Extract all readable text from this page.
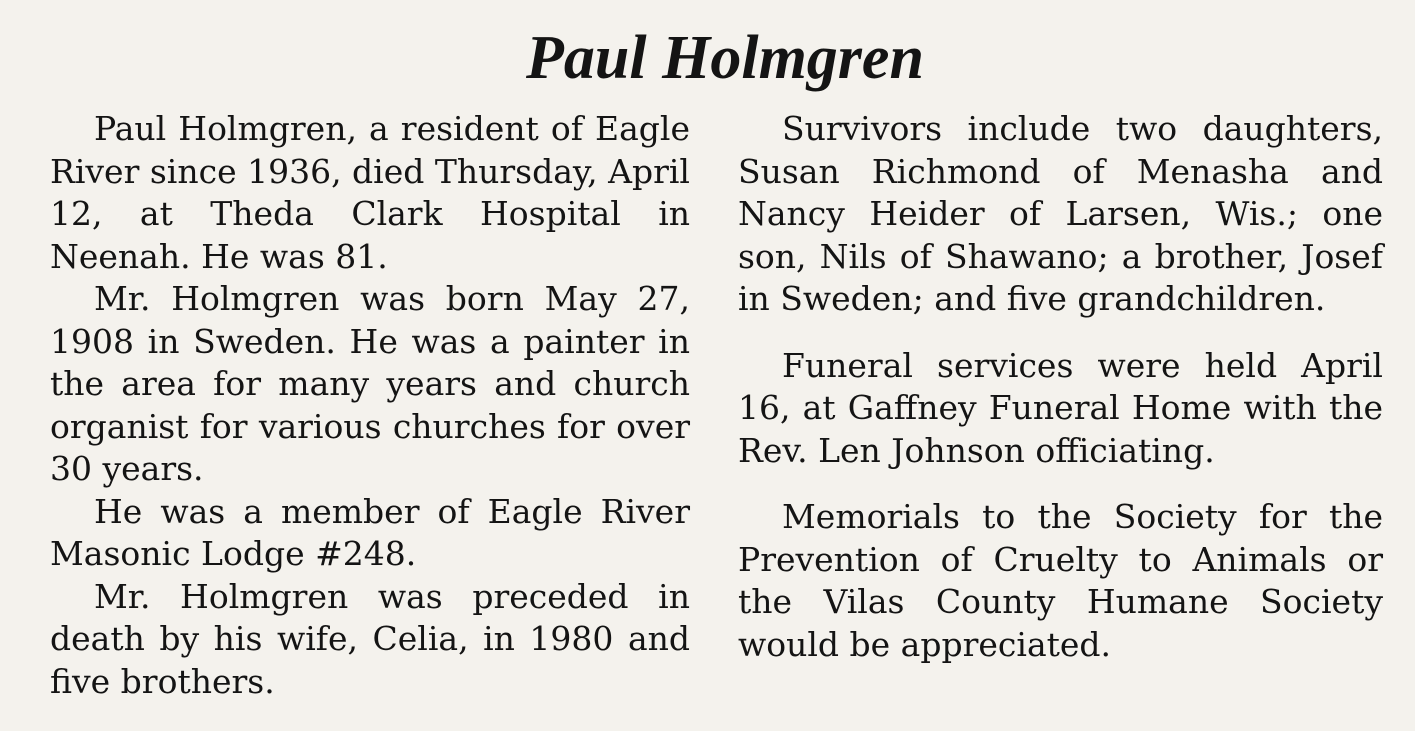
Paul Holmgren

Paul Holmgren, a resident of Eagle River since 1936, died Thursday, April 12, at Theda Clark Hospital in Neenah. He was 81.

Mr. Holmgren was born May 27, 1908 in Sweden. He was a painter in the area for many years and church organist for various churches for over 30 years.

He was a member of Eagle River Masonic Lodge #248.

Mr. Holmgren was preceded in death by his wife, Celia, in 1980 and five brothers.

Survivors include two daughters, Susan Richmond of Menasha and Nancy Heider of Larsen, Wis.; one son, Nils of Shawano; a brother, Josef in Sweden; and five grandchildren.

Funeral services were held April 16, at Gaffney Funeral Home with the Rev. Len Johnson officiating.

Memorials to the Society for the Prevention of Cruelty to Animals or the Vilas County Humane Society would be appreciated.
